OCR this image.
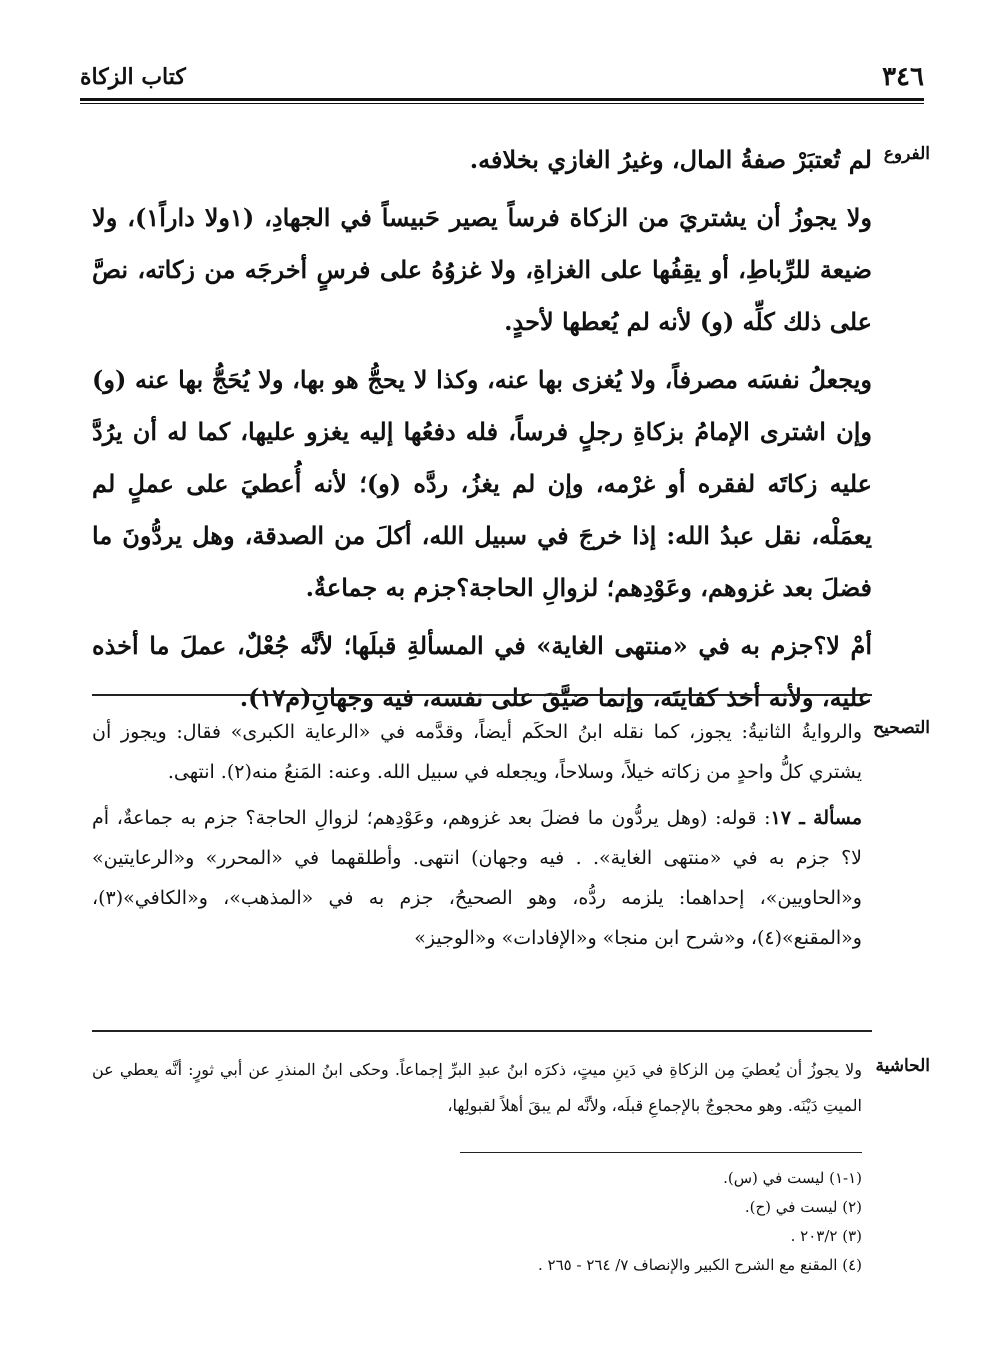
٣٤٦
كتاب الزكاة
الفروع

لم تُعتبَرْ صفةُ المال، وغيرُ الغازي بخلافه.

ولا يجوزُ أن يشتريَ من الزكاة فرساً يصير حَبيساً في الجهادِ، (١ولا داراً١)، ولا ضيعة للرِّباطِ، أو يقِفُها على الغزاةِ، ولا غزوُهُ على فرسٍ أخرجَه من زكاته، نصَّ على ذلك كلِّه (و) لأنه لم يُعطها لأحدٍ.

ويجعلُ نفسَه مصرفاً، ولا يُغزى بها عنه، وكذا لا يحجُّ هو بها، ولا يُحَجُّ بها عنه (و) وإن اشترى الإمامُ بزكاةِ رجلٍ فرساً، فله دفعُها إليه يغزو عليها، كما له أن يرُدَّ عليه زكاتَه لفقره أو غرْمه، وإن لم يغزُ، ردَّه (و)؛ لأنه أُعطيَ على عملٍ لم يعمَلْه، نقل عبدُ الله: إذا خرجَ في سبيل الله، أكلَ من الصدقة، وهل يردُّونَ ما فضلَ بعد غزوهم، وعَوْدِهم؛ لزوالِ الحاجة؟جزم به جماعةٌ.

أمْ لا؟جزم به في «منتهى الغاية» في المسألةِ قبلَها؛ لأنَّه جُعْلٌ، عملَ ما أخذه عليه، ولأنه أخذ كفايتَه، وإنما ضيَّقَ على نفسه، فيه وجهانِ(م١٧).

التصحيح

والروايةُ الثانيةُ: يجوز، كما نقله ابنُ الحكَم أيضاً، وقدَّمه في «الرعاية الكبرى» فقال: ويجوز أن يشتري كلُّ واحدٍ من زكاته خيلاً، وسلاحاً، ويجعله في سبيل الله. وعنه: المَنعُ منه(٢). انتهى.

مسألة ـ ١٧: قوله: (وهل يردُّون ما فضلَ بعد غزوهم، وعَوْدِهم؛ لزوالِ الحاجة؟ جزم به جماعةٌ، أم لا؟ جزم به في «منتهى الغاية». . فيه وجهان) انتهى. وأطلقهما في «المحرر» و«الرعايتين» و«الحاويين»، إحداهما: يلزمه ردُّه، وهو الصحيحُ، جزم به في «المذهب»، و«الكافي»(٣)، و«المقنع»(٤)، و«شرح ابن منجا» و«الإفادات» و«الوجيز»

الحاشية

ولا يجوزُ أن يُعطيَ مِن الزكاةِ في دَينِ ميتٍ، ذكرَه ابنُ عبدِ البرِّ إجماعاً. وحكى ابنُ المنذرِ عن أبي ثورٍ: أنَّه يعطي عن الميتِ دَيْنَه. وهو محجوجٌ بالإجماعِ قبلَه، ولأنَّه لم يبقَ أهلاً لقبولِها،

(١-١) ليست في (س).
(٢) ليست في (ح).
(٣) ٢٠٣/٢ .
(٤) المقنع مع الشرح الكبير والإنصاف ٧/ ٢٦٤ - ٢٦٥ .
